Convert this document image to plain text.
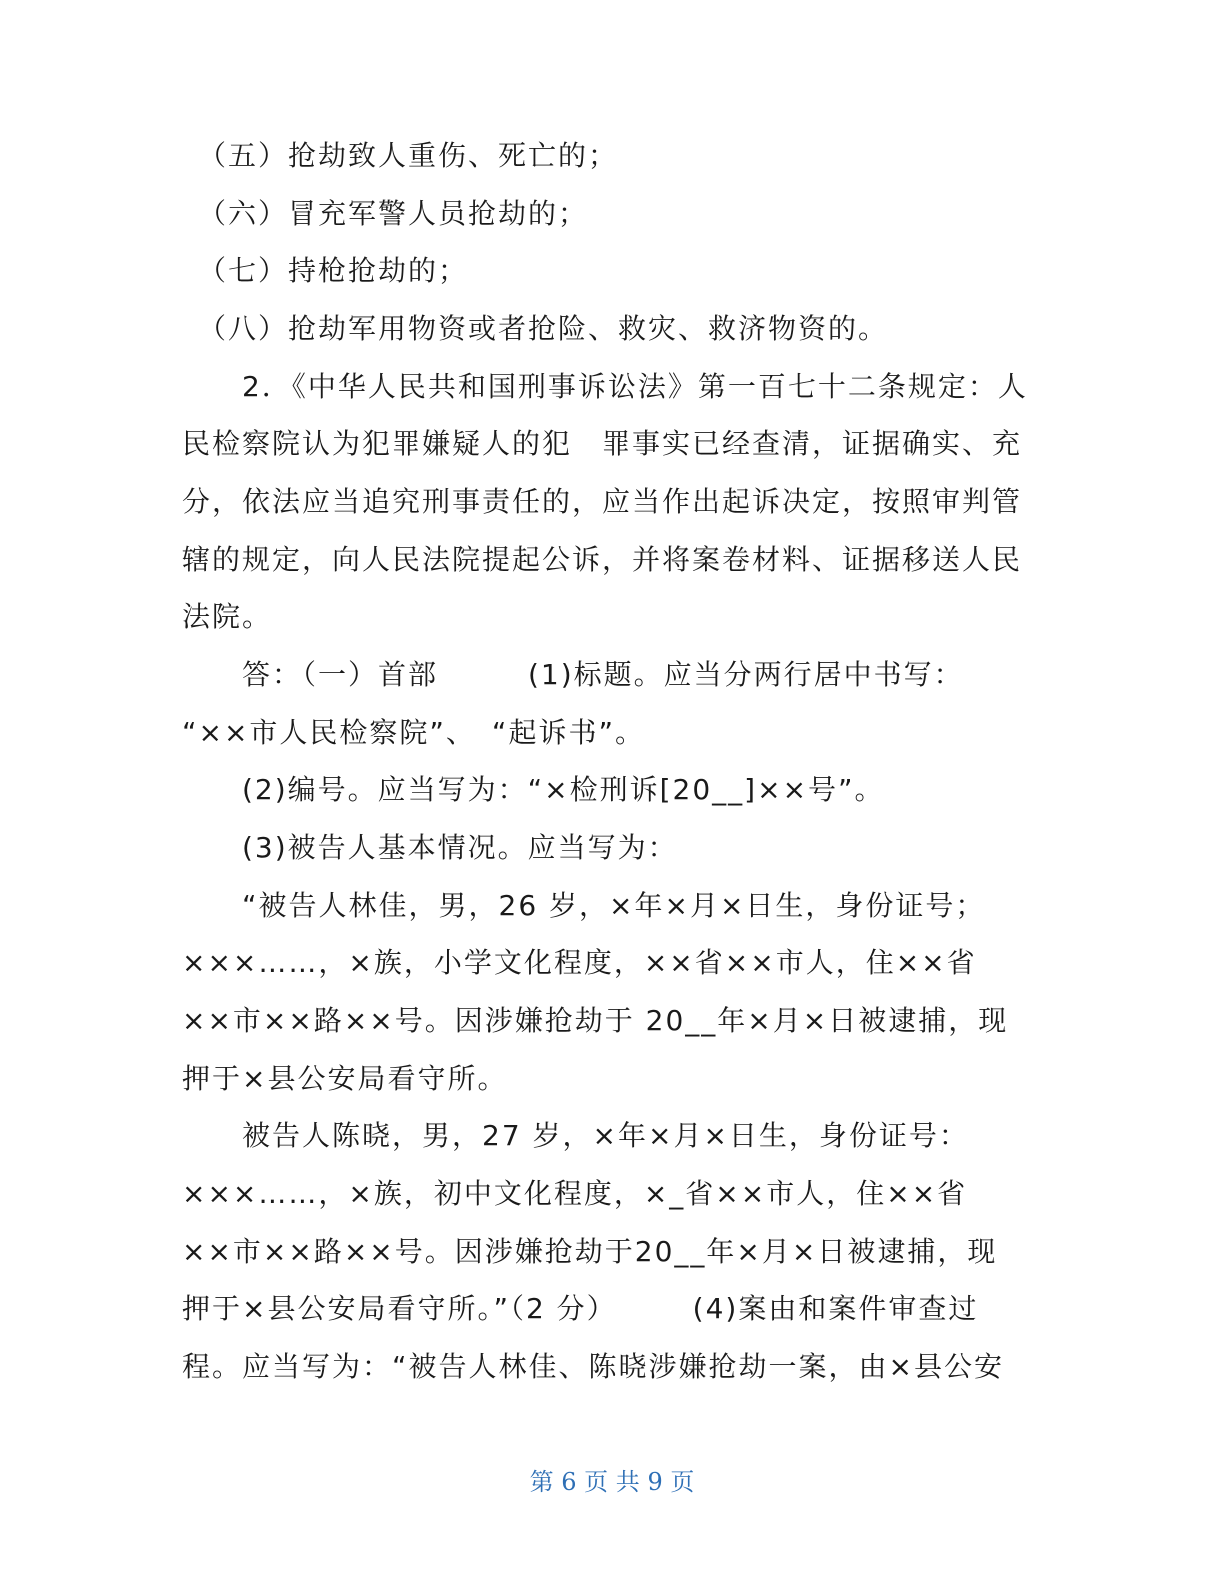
　（五）抢劫致人重伤、死亡的；
　（六）冒充军警人员抢劫的；
　（七）持枪抢劫的；
　（八）抢劫军用物资或者抢险、救灾、救济物资的。
　　2．《中华人民共和国刑事诉讼法》第一百七十二条规定：人
民检察院认为犯罪嫌疑人的犯　罪事实已经查清，证据确实、充
分，依法应当追究刑事责任的，应当作出起诉决定，按照审判管
辖的规定，向人民法院提起公诉，并将案卷材料、证据移送人民
法院。
　　答：（一）首部　　　(1)标题。应当分两行居中书写：
“××市人民检察院”、　“起诉书”。
　　(2)编号。应当写为：“×检刑诉[20__]××号”。
　　(3)被告人基本情况。应当写为：
　　“被告人林佳，男，26 岁，×年×月×日生，身份证号；
×××……，×族，小学文化程度，××省××市人，住××省
××市××路××号。因涉嫌抢劫于 20__年×月×日被逮捕，现
押于×县公安局看守所。
　　被告人陈晓，男，27 岁，×年×月×日生，身份证号：
×××……，×族，初中文化程度，×_省××市人，住××省
××市××路××号。因涉嫌抢劫于20__年×月×日被逮捕，现
押于×县公安局看守所。”（2 分）　　　(4)案由和案件审查过
程。应当写为：“被告人林佳、陈晓涉嫌抢劫一案，由×县公安
第 6 页 共 9 页
